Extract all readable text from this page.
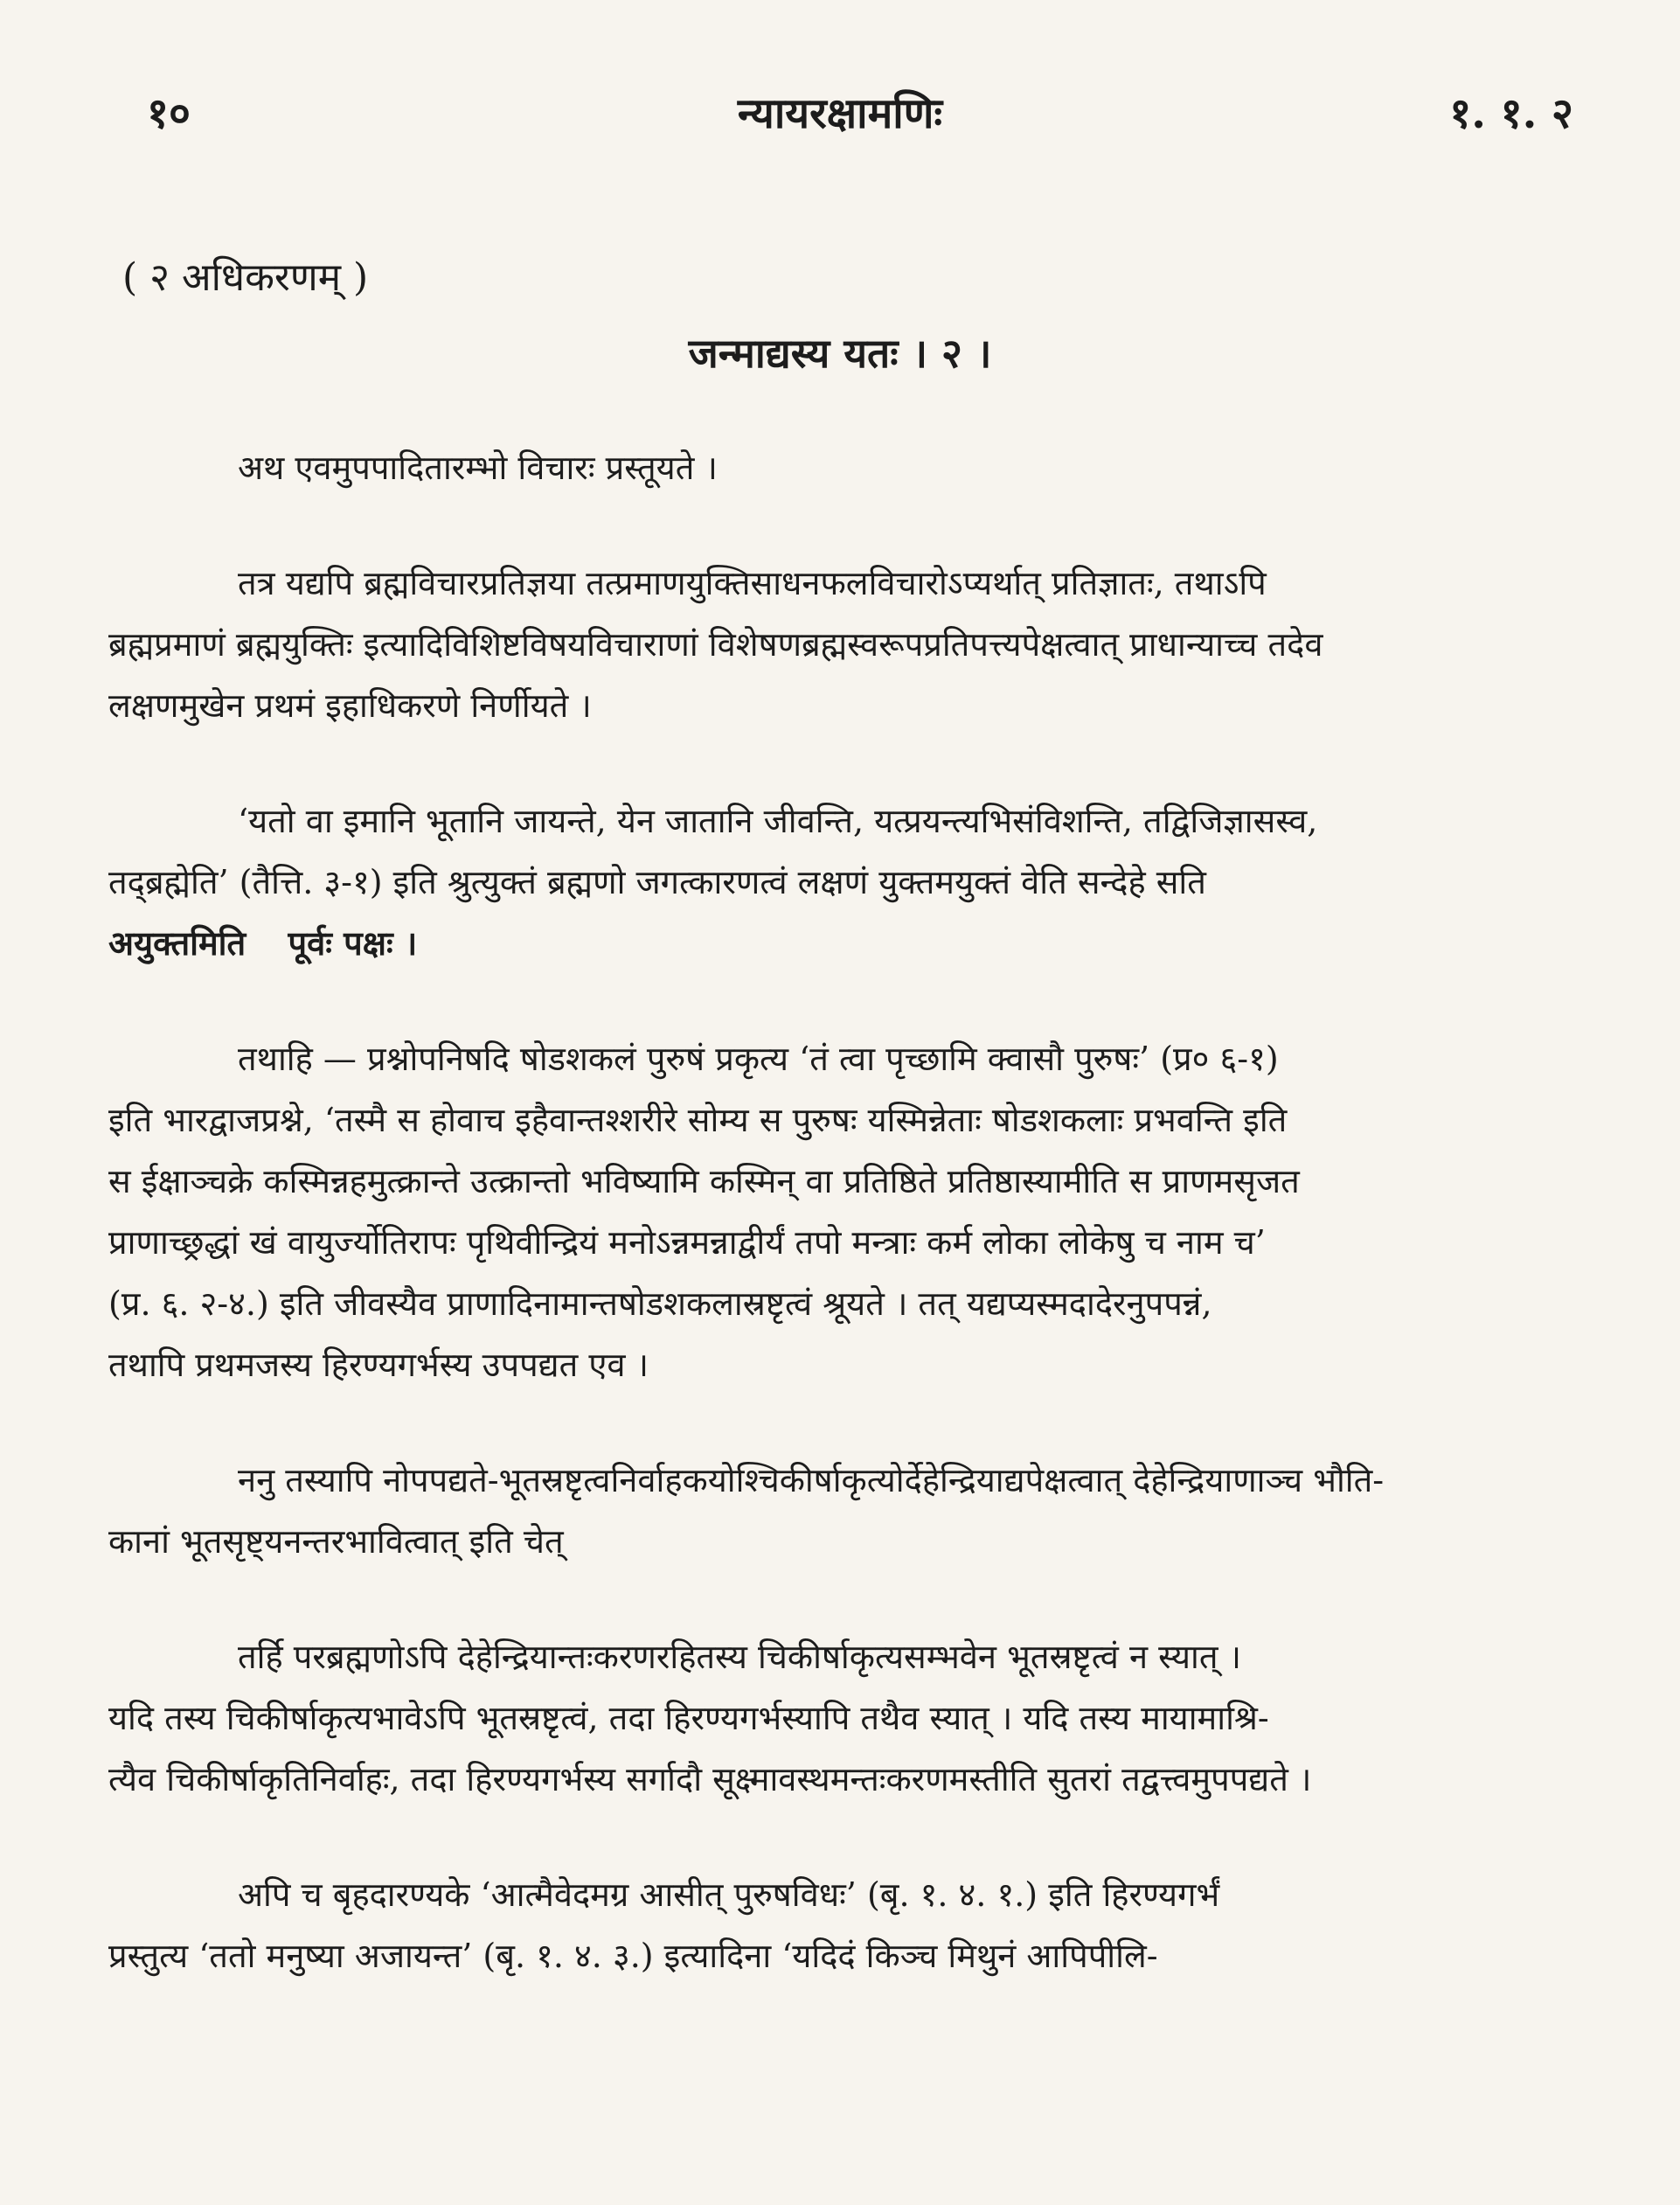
१०	न्यायरक्षामणिः	१. १. २
( २ अधिकरणम् )
जन्माद्यस्य यतः । २ ।
अथ एवमुपपादितारम्भो विचारः प्रस्तूयते ।
तत्र यद्यपि ब्रह्मविचारप्रतिज्ञया तत्प्रमाणयुक्तिसाधनफलविचारोऽप्यर्थात् प्रतिज्ञातः, तथाऽपि
ब्रह्मप्रमाणं ब्रह्मयुक्तिः इत्यादिविशिष्टविषयविचाराणां विशेषणब्रह्मस्वरूपप्रतिपत्त्यपेक्षत्वात् प्राधान्याच्च तदेव
लक्षणमुखेन प्रथमं इहाधिकरणे निर्णीयते ।
‘यतो वा इमानि भूतानि जायन्ते, येन जातानि जीवन्ति, यत्प्रयन्त्यभिसंविशन्ति, तद्विजिज्ञासस्व,
तद्ब्रह्मेति’ (तैत्ति. ३-१) इति श्रुत्युक्तं ब्रह्मणो जगत्कारणत्वं लक्षणं युक्तमयुक्तं वेति सन्देहे सति
अयुक्तमिति पूर्वः पक्षः ।
तथाहि — प्रश्नोपनिषदि षोडशकलं पुरुषं प्रकृत्य ‘तं त्वा पृच्छामि क्वासौ पुरुषः’ (प्र० ६-१)
इति भारद्वाजप्रश्ने, ‘तस्मै स होवाच इहैवान्तश्शरीरे सोम्य स पुरुषः यस्मिन्नेताः षोडशकलाः प्रभवन्ति इति
स ईक्षाञ्चक्रे कस्मिन्नहमुत्क्रान्ते उत्क्रान्तो भविष्यामि कस्मिन् वा प्रतिष्ठिते प्रतिष्ठास्यामीति स प्राणमसृजत
प्राणाच्छ्रद्धां खं वायुर्ज्योतिरापः पृथिवीन्द्रियं मनोऽन्नमन्नाद्वीर्यं तपो मन्त्राः कर्म लोका लोकेषु च नाम च’
(प्र. ६. २-४.) इति जीवस्यैव प्राणादिनामान्तषोडशकलास्रष्टृत्वं श्रूयते । तत् यद्यप्यस्मदादेरनुपपन्नं,
तथापि प्रथमजस्य हिरण्यगर्भस्य उपपद्यत एव ।
ननु तस्यापि नोपपद्यते-भूतस्रष्टृत्वनिर्वाहकयोश्चिकीर्षाकृत्योर्देहेन्द्रियाद्यपेक्षत्वात् देहेन्द्रियाणाञ्च भौति-
कानां भूतसृष्ट्यनन्तरभावित्वात् इति चेत्
तर्हि परब्रह्मणोऽपि देहेन्द्रियान्तःकरणरहितस्य चिकीर्षाकृत्यसम्भवेन भूतस्रष्टृत्वं न स्यात् ।
यदि तस्य चिकीर्षाकृत्यभावेऽपि भूतस्रष्टृत्वं, तदा हिरण्यगर्भस्यापि तथैव स्यात् । यदि तस्य मायामाश्रि-
त्यैव चिकीर्षाकृतिनिर्वाहः, तदा हिरण्यगर्भस्य सर्गादौ सूक्ष्मावस्थमन्तःकरणमस्तीति सुतरां तद्वत्त्वमुपपद्यते ।
अपि च बृहदारण्यके ‘आत्मैवेदमग्र आसीत् पुरुषविधः’ (बृ. १. ४. १.) इति हिरण्यगर्भं
प्रस्तुत्य ‘ततो मनुष्या अजायन्त’ (बृ. १. ४. ३.) इत्यादिना ‘यदिदं किञ्च मिथुनं आपिपीलि-
